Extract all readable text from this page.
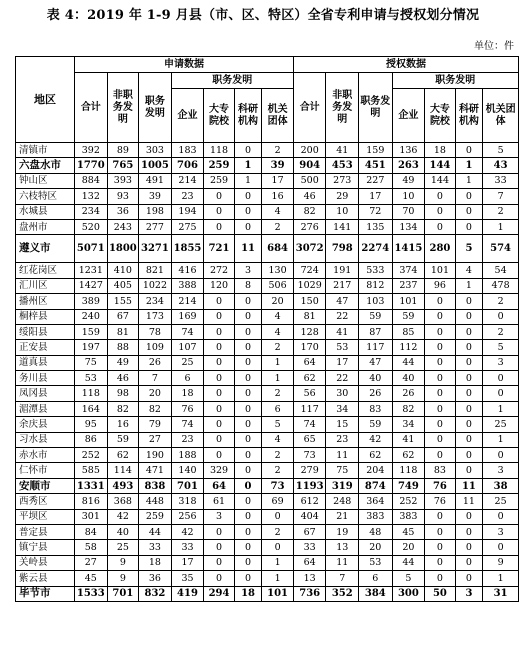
表 4：2019 年 1-9 月县（市、区、特区）全省专利申请与授权划分情况
单位：件
地区	申请数据							授权数据						
	合计	非职务发明	职务发明	职务发明				合计	非职务发明	职务发明	职务发明			
				企业	大专院校	科研机构	机关团体				企业	大专院校	科研机构	机关团体
清镇市	392	89	303	183	118	0	2	200	41	159	136	18	0	5
六盘水市	1770	765	1005	706	259	1	39	904	453	451	263	144	1	43
钟山区	884	393	491	214	259	1	17	500	273	227	49	144	1	33
六枝特区	132	93	39	23	0	0	16	46	29	17	10	0	0	7
水城县	234	36	198	194	0	0	4	82	10	72	70	0	0	2
盘州市	520	243	277	275	0	0	2	276	141	135	134	0	0	1
遵义市	5071	1800	3271	1855	721	11	684	3072	798	2274	1415	280	5	574
红花岗区	1231	410	821	416	272	3	130	724	191	533	374	101	4	54
汇川区	1427	405	1022	388	120	8	506	1029	217	812	237	96	1	478
播州区	389	155	234	214	0	0	20	150	47	103	101	0	0	2
桐梓县	240	67	173	169	0	0	4	81	22	59	59	0	0	0
绥阳县	159	81	78	74	0	0	4	128	41	87	85	0	0	2
正安县	197	88	109	107	0	0	2	170	53	117	112	0	0	5
道真县	75	49	26	25	0	0	1	64	17	47	44	0	0	3
务川县	53	46	7	6	0	0	1	62	22	40	40	0	0	0
凤冈县	118	98	20	18	0	0	2	56	30	26	26	0	0	0
湄潭县	164	82	82	76	0	0	6	117	34	83	82	0	0	1
余庆县	95	16	79	74	0	0	5	74	15	59	34	0	0	25
习水县	86	59	27	23	0	0	4	65	23	42	41	0	0	1
赤水市	252	62	190	188	0	0	2	73	11	62	62	0	0	0
仁怀市	585	114	471	140	329	0	2	279	75	204	118	83	0	3
安顺市	1331	493	838	701	64	0	73	1193	319	874	749	76	11	38
西秀区	816	368	448	318	61	0	69	612	248	364	252	76	11	25
平坝区	301	42	259	256	3	0	0	404	21	383	383	0	0	0
普定县	84	40	44	42	0	0	2	67	19	48	45	0	0	3
镇宁县	58	25	33	33	0	0	0	33	13	20	20	0	0	0
关岭县	27	9	18	17	0	0	1	64	11	53	44	0	0	9
紫云县	45	9	36	35	0	0	1	13	7	6	5	0	0	1
毕节市	1533	701	832	419	294	18	101	736	352	384	300	50	3	31
